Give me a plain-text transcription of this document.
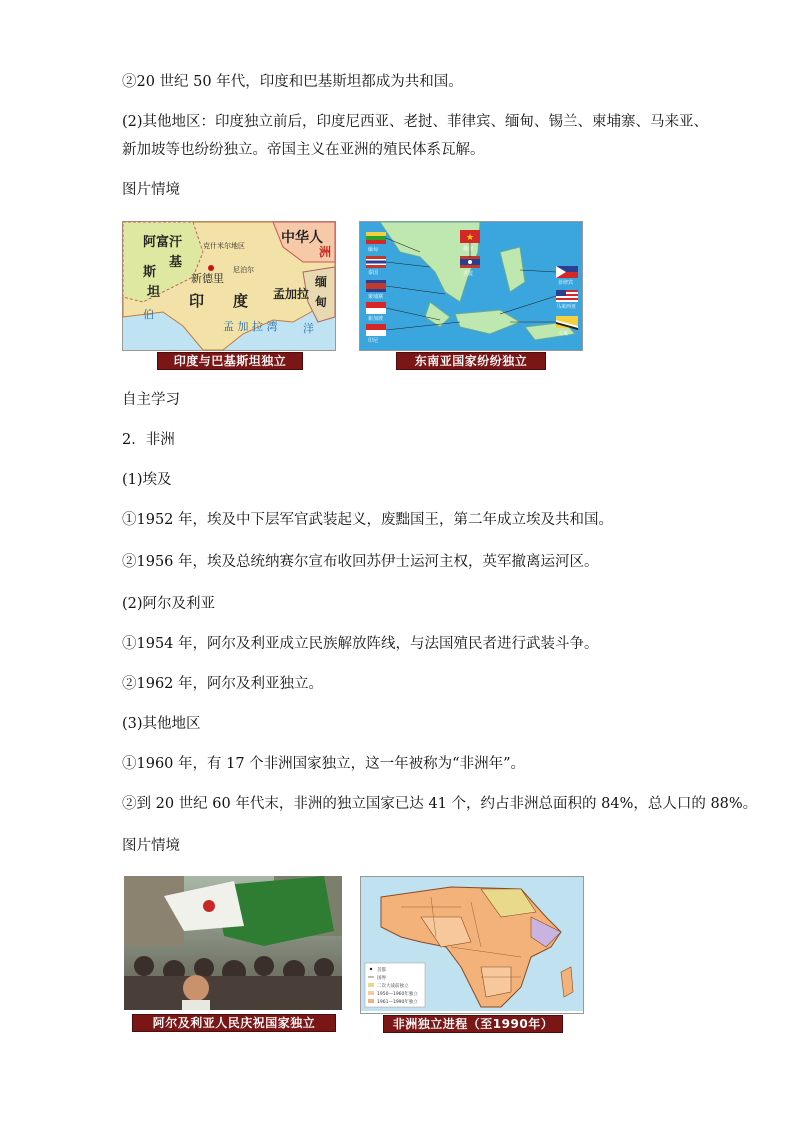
②20 世纪 50 年代，印度和巴基斯坦都成为共和国。
(2)其他地区：印度独立前后，印度尼西亚、老挝、菲律宾、缅甸、锡兰、柬埔寨、马来亚、新加坡等也纷纷独立。帝国主义在亚洲的殖民体系瓦解。
图片情境
阿富汗	克什米尔地区	中华人
洲
基
斯
坦
新德里
尼泊尔
印 度 孟加拉
缅
甸
伯
孟 加 拉 湾 洋
印度与巴基斯坦独立
缅甸
★
越南
泰国	老挝
柬埔寨
新加坡
印尼
菲律宾
马来西亚
文莱
东南亚国家纷纷独立
自主学习
2．非洲
(1)埃及
①1952 年，埃及中下层军官武装起义，废黜国王，第二年成立埃及共和国。
②1956 年，埃及总统纳赛尔宣布收回苏伊士运河主权，英军撤离运河区。
(2)阿尔及利亚
①1954 年，阿尔及利亚成立民族解放阵线，与法国殖民者进行武装斗争。
②1962 年，阿尔及利亚独立。
(3)其他地区
①1960 年，有 17 个非洲国家独立，这一年被称为“非洲年”。
②到 20 世纪 60 年代末，非洲的独立国家已达 41 个，约占非洲总面积的 84%，总人口的 88%。
图片情境
阿尔及利亚人民庆祝国家独立
首都
国界
二次大战前独立
1950—1960年独立
1961—1990年独立
非洲独立进程（至1990年）
